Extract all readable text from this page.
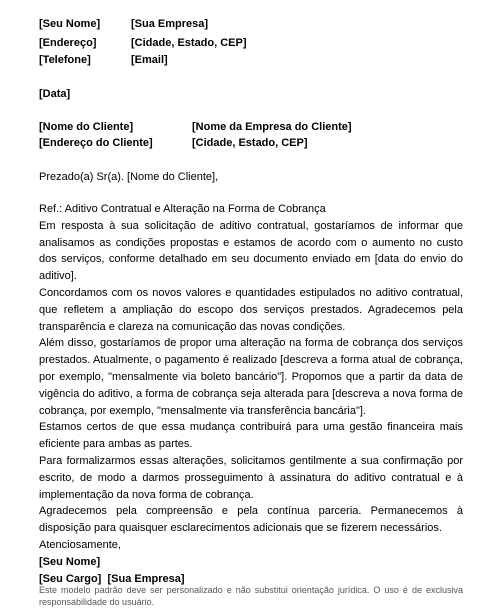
[Seu Nome]	[Sua Empresa]
[Endereço]	[Cidade, Estado, CEP]
[Telefone]	[Email]
[Data]
[Nome do Cliente]	[Nome da Empresa do Cliente]
[Endereço do Cliente]	[Cidade, Estado, CEP]
Prezado(a) Sr(a). [Nome do Cliente],

Ref.: Aditivo Contratual e Alteração na Forma de Cobrança

Em resposta à sua solicitação de aditivo contratual, gostaríamos de informar que analisamos as condições propostas e estamos de acordo com o aumento no custo dos serviços, conforme detalhado em seu documento enviado em [data do envio do aditivo].

Concordamos com os novos valores e quantidades estipulados no aditivo contratual, que refletem a ampliação do escopo dos serviços prestados. Agradecemos pela transparência e clareza na comunicação das novas condições.

Além disso, gostaríamos de propor uma alteração na forma de cobrança dos serviços prestados. Atualmente, o pagamento é realizado [descreva a forma atual de cobrança, por exemplo, "mensalmente via boleto bancário"]. Propomos que a partir da data de vigência do aditivo, a forma de cobrança seja alterada para [descreva a nova forma de cobrança, por exemplo, "mensalmente via transferência bancária"].

Estamos certos de que essa mudança contribuirá para uma gestão financeira mais eficiente para ambas as partes.

Para formalizarmos essas alterações, solicitamos gentilmente a sua confirmação por escrito, de modo a darmos prosseguimento à assinatura do aditivo contratual e à implementação da nova forma de cobrança.

Agradecemos pela compreensão e pela contínua parceria. Permanecemos à disposição para quaisquer esclarecimentos adicionais que se fizerem necessários.

Atenciosamente,

[Seu Nome]
[Seu Cargo] [Sua Empresa]
Este modelo padrão deve ser personalizado e não substitui orientação jurídica. O uso é de exclusiva responsabilidade do usuário.
